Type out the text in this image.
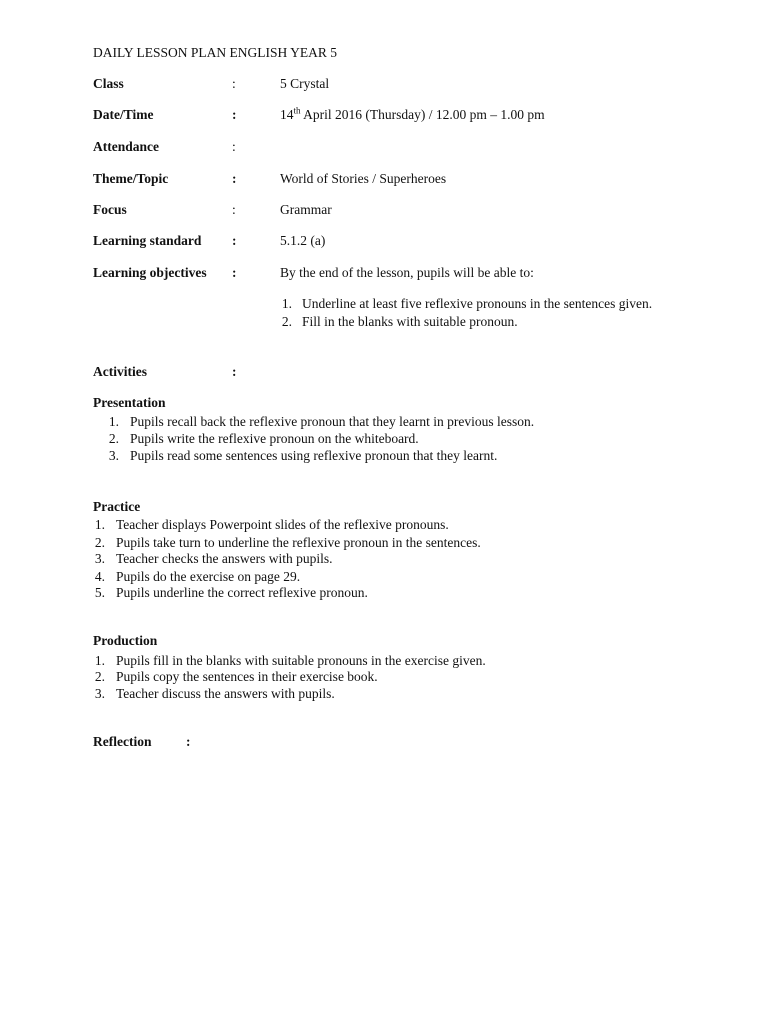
DAILY LESSON PLAN ENGLISH YEAR 5
Class	:	5 Crystal
Date/Time	:	14th April 2016 (Thursday) / 12.00 pm – 1.00 pm
Attendance	:
Theme/Topic	:	World of Stories / Superheroes
Focus	:	Grammar
Learning standard :	5.1.2 (a)
Learning objectives :	By the end of the lesson, pupils will be able to:
1. Underline at least five reflexive pronouns in the sentences given.
2. Fill in the blanks with suitable pronoun.
Activities	:
Presentation
1. Pupils recall back the reflexive pronoun that they learnt in previous lesson.
2. Pupils write the reflexive pronoun on the whiteboard.
3. Pupils read some sentences using reflexive pronoun that they learnt.
Practice
1. Teacher displays Powerpoint slides of the reflexive pronouns.
2. Pupils take turn to underline the reflexive pronoun in the sentences.
3. Teacher checks the answers with pupils.
4. Pupils do the exercise on page 29.
5. Pupils underline the correct reflexive pronoun.
Production
1. Pupils fill in the blanks with suitable pronouns in the exercise given.
2. Pupils copy the sentences in their exercise book.
3. Teacher discuss the answers with pupils.
Reflection	:
